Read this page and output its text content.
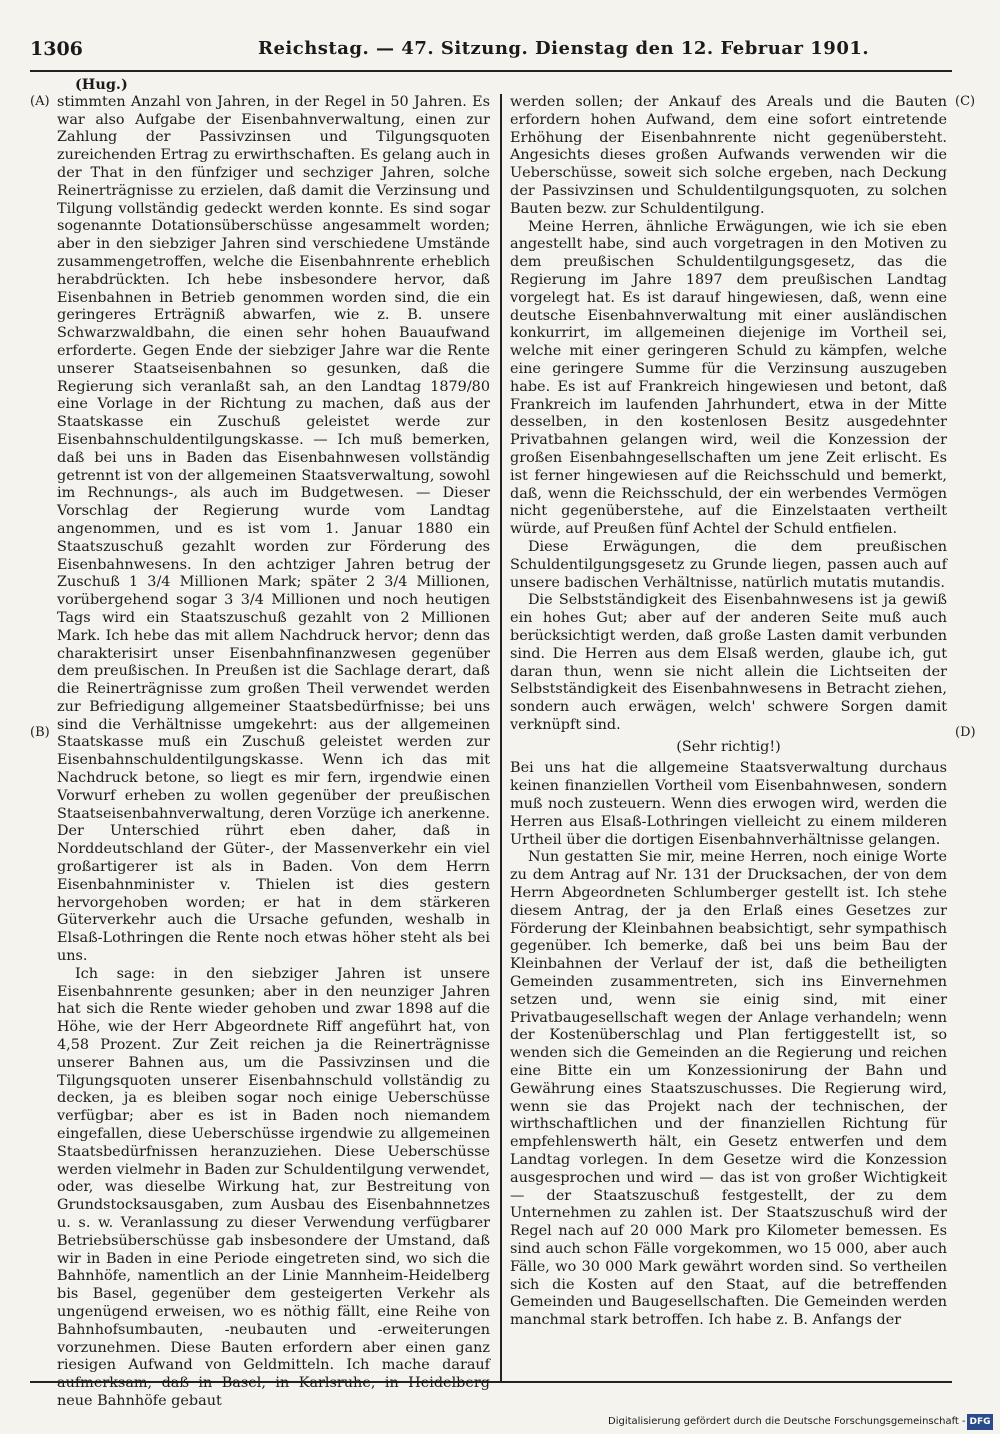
1306	Reichstag. — 47. Sitzung. Dienstag den 12. Februar 1901.
(A)
(B)
(C)
(D)

(Hug.)

stimmten Anzahl von Jahren, in der Regel in 50 Jahren. Es war also Aufgabe der Eisenbahnverwaltung, einen zur Zahlung der Passivzinsen und Tilgungsquoten zureichenden Ertrag zu erwirthschaften. Es gelang auch in der That in den fünfziger und sechziger Jahren, solche Reinerträgnisse zu erzielen, daß damit die Verzinsung und Tilgung vollständig gedeckt werden konnte. Es sind sogar sogenannte Dotationsüberschüsse angesammelt worden; aber in den siebziger Jahren sind verschiedene Umstände zusammengetroffen, welche die Eisenbahnrente erheblich herabdrückten. Ich hebe insbesondere hervor, daß Eisenbahnen in Betrieb genommen worden sind, die ein geringeres Erträgniß abwarfen, wie z. B. unsere Schwarzwaldbahn, die einen sehr hohen Bauaufwand erforderte. Gegen Ende der siebziger Jahre war die Rente unserer Staatseisenbahnen so gesunken, daß die Regierung sich veranlaßt sah, an den Landtag 1879/80 eine Vorlage in der Richtung zu machen, daß aus der Staatskasse ein Zuschuß geleistet werde zur Eisenbahnschuldentilgungskasse. — Ich muß bemerken, daß bei uns in Baden das Eisenbahnwesen vollständig getrennt ist von der allgemeinen Staatsverwaltung, sowohl im Rechnungs-, als auch im Budgetwesen. — Dieser Vorschlag der Regierung wurde vom Landtag angenommen, und es ist vom 1. Januar 1880 ein Staatszuschuß gezahlt worden zur Förderung des Eisenbahnwesens. In den achtziger Jahren betrug der Zuschuß 1 3/4 Millionen Mark; später 2 3/4 Millionen, vorübergehend sogar 3 3/4 Millionen und noch heutigen Tags wird ein Staatszuschuß gezahlt von 2 Millionen Mark. Ich hebe das mit allem Nachdruck hervor; denn das charakterisirt unser Eisenbahnfinanzwesen gegenüber dem preußischen. In Preußen ist die Sachlage derart, daß die Reinerträgnisse zum großen Theil verwendet werden zur Befriedigung allgemeiner Staatsbedürfnisse; bei uns sind die Verhältnisse umgekehrt: aus der allgemeinen Staatskasse muß ein Zuschuß geleistet werden zur Eisenbahnschuldentilgungskasse. Wenn ich das mit Nachdruck betone, so liegt es mir fern, irgendwie einen Vorwurf erheben zu wollen gegenüber der preußischen Staatseisenbahnverwaltung, deren Vorzüge ich anerkenne. Der Unterschied rührt eben daher, daß in Norddeutschland der Güter-, der Massenverkehr ein viel großartigerer ist als in Baden. Von dem Herrn Eisenbahnminister v. Thielen ist dies gestern hervorgehoben worden; er hat in dem stärkeren Güterverkehr auch die Ursache gefunden, weshalb in Elsaß-Lothringen die Rente noch etwas höher steht als bei uns.

Ich sage: in den siebziger Jahren ist unsere Eisenbahnrente gesunken; aber in den neunziger Jahren hat sich die Rente wieder gehoben und zwar 1898 auf die Höhe, wie der Herr Abgeordnete Riff angeführt hat, von 4,58 Prozent. Zur Zeit reichen ja die Reinerträgnisse unserer Bahnen aus, um die Passivzinsen und die Tilgungsquoten unserer Eisenbahnschuld vollständig zu decken, ja es bleiben sogar noch einige Ueberschüsse verfügbar; aber es ist in Baden noch niemandem eingefallen, diese Ueberschüsse irgendwie zu allgemeinen Staatsbedürfnissen heranzuziehen. Diese Ueberschüsse werden vielmehr in Baden zur Schuldentilgung verwendet, oder, was dieselbe Wirkung hat, zur Bestreitung von Grundstocksausgaben, zum Ausbau des Eisenbahnnetzes u. s. w. Veranlassung zu dieser Verwendung verfügbarer Betriebsüberschüsse gab insbesondere der Umstand, daß wir in Baden in eine Periode eingetreten sind, wo sich die Bahnhöfe, namentlich an der Linie Mannheim-Heidelberg bis Basel, gegenüber dem gesteigerten Verkehr als ungenügend erweisen, wo es nöthig fällt, eine Reihe von Bahnhofsumbauten, -neubauten und -erweiterungen vorzunehmen. Diese Bauten erfordern aber einen ganz riesigen Aufwand von Geldmitteln. Ich mache darauf aufmerksam, daß in Basel, in Karlsruhe, in Heidelberg neue Bahnhöfe gebaut

werden sollen; der Ankauf des Areals und die Bauten erfordern hohen Aufwand, dem eine sofort eintretende Erhöhung der Eisenbahnrente nicht gegenübersteht. Angesichts dieses großen Aufwands verwenden wir die Ueberschüsse, soweit sich solche ergeben, nach Deckung der Passivzinsen und Schuldentilgungsquoten, zu solchen Bauten bezw. zur Schuldentilgung.

Meine Herren, ähnliche Erwägungen, wie ich sie eben angestellt habe, sind auch vorgetragen in den Motiven zu dem preußischen Schuldentilgungsgesetz, das die Regierung im Jahre 1897 dem preußischen Landtag vorgelegt hat. Es ist darauf hingewiesen, daß, wenn eine deutsche Eisenbahnverwaltung mit einer ausländischen konkurrirt, im allgemeinen diejenige im Vortheil sei, welche mit einer geringeren Schuld zu kämpfen, welche eine geringere Summe für die Verzinsung auszugeben habe. Es ist auf Frankreich hingewiesen und betont, daß Frankreich im laufenden Jahrhundert, etwa in der Mitte desselben, in den kostenlosen Besitz ausgedehnter Privatbahnen gelangen wird, weil die Konzession der großen Eisenbahngesellschaften um jene Zeit erlischt. Es ist ferner hingewiesen auf die Reichsschuld und bemerkt, daß, wenn die Reichsschuld, der ein werbendes Vermögen nicht gegenüberstehe, auf die Einzelstaaten vertheilt würde, auf Preußen fünf Achtel der Schuld entfielen.

Diese Erwägungen, die dem preußischen Schuldentilgungsgesetz zu Grunde liegen, passen auch auf unsere badischen Verhältnisse, natürlich mutatis mutandis.

Die Selbstständigkeit des Eisenbahnwesens ist ja gewiß ein hohes Gut; aber auf der anderen Seite muß auch berücksichtigt werden, daß große Lasten damit verbunden sind. Die Herren aus dem Elsaß werden, glaube ich, gut daran thun, wenn sie nicht allein die Lichtseiten der Selbstständigkeit des Eisenbahnwesens in Betracht ziehen, sondern auch erwägen, welch' schwere Sorgen damit verknüpft sind.

(Sehr richtig!)

Bei uns hat die allgemeine Staatsverwaltung durchaus keinen finanziellen Vortheil vom Eisenbahnwesen, sondern muß noch zusteuern. Wenn dies erwogen wird, werden die Herren aus Elsaß-Lothringen vielleicht zu einem milderen Urtheil über die dortigen Eisenbahnverhältnisse gelangen.

Nun gestatten Sie mir, meine Herren, noch einige Worte zu dem Antrag auf Nr. 131 der Drucksachen, der von dem Herrn Abgeordneten Schlumberger gestellt ist. Ich stehe diesem Antrag, der ja den Erlaß eines Gesetzes zur Förderung der Kleinbahnen beabsichtigt, sehr sympathisch gegenüber. Ich bemerke, daß bei uns beim Bau der Kleinbahnen der Verlauf der ist, daß die betheiligten Gemeinden zusammentreten, sich ins Einvernehmen setzen und, wenn sie einig sind, mit einer Privatbaugesellschaft wegen der Anlage verhandeln; wenn der Kostenüberschlag und Plan fertiggestellt ist, so wenden sich die Gemeinden an die Regierung und reichen eine Bitte ein um Konzessionirung der Bahn und Gewährung eines Staatszuschusses. Die Regierung wird, wenn sie das Projekt nach der technischen, der wirthschaftlichen und der finanziellen Richtung für empfehlenswerth hält, ein Gesetz entwerfen und dem Landtag vorlegen. In dem Gesetze wird die Konzession ausgesprochen und wird — das ist von großer Wichtigkeit — der Staatszuschuß festgestellt, der zu dem Unternehmen zu zahlen ist. Der Staatszuschuß wird der Regel nach auf 20 000 Mark pro Kilometer bemessen. Es sind auch schon Fälle vorgekommen, wo 15 000, aber auch Fälle, wo 30 000 Mark gewährt worden sind. So vertheilen sich die Kosten auf den Staat, auf die betreffenden Gemeinden und Baugesellschaften. Die Gemeinden werden manchmal stark betroffen. Ich habe z. B. Anfangs der

Digitalisierung gefördert durch die Deutsche Forschungsgemeinschaft - DFG
